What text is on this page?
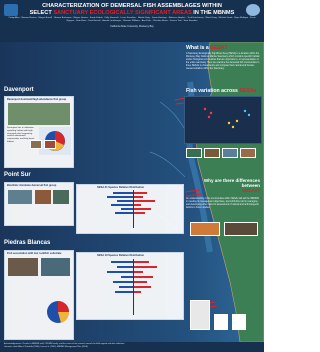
CHARACTERIZATION OF DEMERSAL FISH ASSEMBLAGES WITHIN
SELECT SANCTUARY ECOLOGICALLY SIGNIFICANT AREAS IN THE MBNMS
Cindy Allen · Brianna Branon · Megan Burrell · Sharon Buchanan · Megan Gomez · Sarah Korblu · Kelly Ganeveli · Lucas Fermilian · Natalie Haig · Jenna Hastings · Rebecca Hughes · Tuck Hutchinson · Maria Kang · Michael Lamb · Ryan Mulligan · Kevin Nguyen · Sam Rose · Sara Bassali · Amelia Lauthmeyer · Rasmus Williams · Ana Park · Christina Bravo · Jessica Tian · Sam Swerden
California State University, Monterey Bay
What is a SESA?
A Sanctuary Ecologically Significant Area (SESA) is a location within the Monterey Bay National Marine Sanctuary which contains specific habitat and/or biological communities that are important to, or representative of, the entire sanctuary. Here we examine the demersal fish communities in three SESAs to characterize and compare their natural and human-caused variation within the Sanctuary.
Davenport
Davenport dominant/high abundance fish group
Davenport has a cold-water upwelling habitat with high structural relief supporting rockfish dominated communities and kelp forest habitat.
Fish variation across SESAs
Point Sur
Bioclimic dominate demersal fish group
SESA 21 Species Relative Distribution
Why are there differences between
SESAs?
An understanding of the communities within SESAs will aid the MBNMS in meeting its management objectives, and will further aid in managing and developing other sites for assessment of natural and anthropogenic factors in future studies.
Piedras Blancas
Fish association with low rockfish substrate
SESA 19 Species Relative Distribution
Acknowledgements: Thanks to MBNMS staff, CSUMB faculty, and the crews of the research vessels for field support and data collection.
Literature cited: Allen & Pondella (2006); Love et al. (2002); MBNMS Management Plan (2008).
